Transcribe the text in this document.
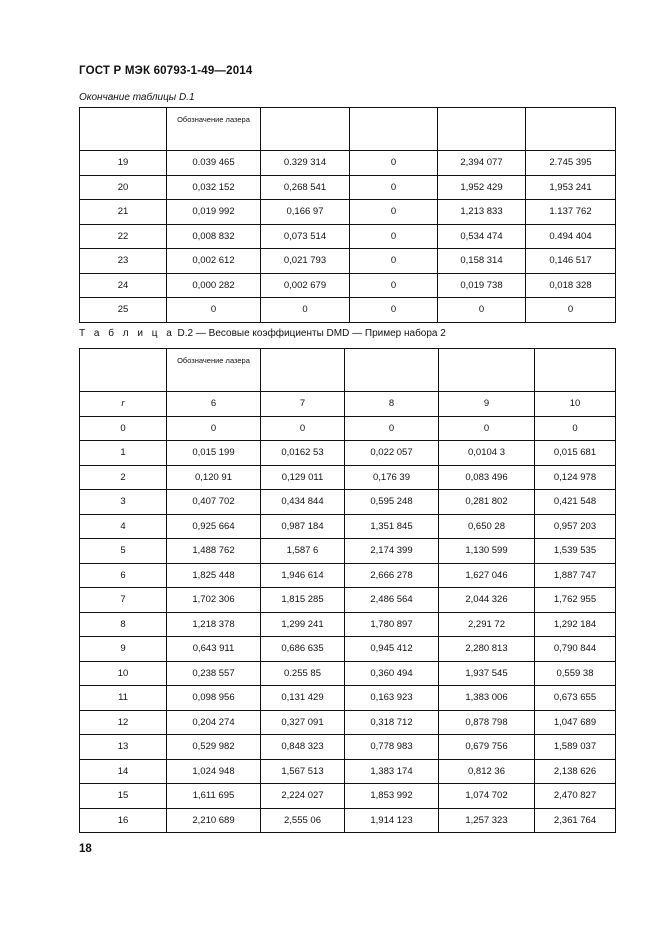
ГОСТ Р МЭК 60793-1-49—2014
Окончание таблицы D.1
	Обозначение лазера				
19	0.039 465	0.329 314	0	2,394 077	2.745 395
20	0,032 152	0,268 541	0	1,952 429	1,953 241
21	0,019 992	0,166 97	0	1,213 833	1.137 762
22	0,008 832	0,073 514	0	0,534 474	0.494 404
23	0,002 612	0,021 793	0	0,158 314	0,146 517
24	0,000 282	0,002 679	0	0,019 738	0,018 328
25	0	0	0	0	0
Т а б л и ц а D.2 — Весовые коэффициенты DMD — Пример набора 2
	Обозначение лазера				
r	6	7	8	9	10
0	0	0	0	0	0
1	0,015 199	0,0162 53	0,022 057	0,0104 3	0,015 681
2	0,120 91	0,129 011	0,176 39	0,083 496	0,124 978
3	0,407 702	0,434 844	0,595 248	0,281 802	0,421 548
4	0,925 664	0,987 184	1,351 845	0,650 28	0,957 203
5	1,488 762	1,587 6	2,174 399	1,130 599	1,539 535
6	1,825 448	1,946 614	2,666 278	1,627 046	1,887 747
7	1,702 306	1,815 285	2,486 564	2,044 326	1,762 955
8	1,218 378	1,299 241	1,780 897	2,291 72	1,292 184
9	0,643 911	0,686 635	0,945 412	2,280 813	0,790 844
10	0,238 557	0.255 85	0,360 494	1,937 545	0,559 38
11	0,098 956	0,131 429	0,163 923	1,383 006	0,673 655
12	0,204 274	0,327 091	0,318 712	0,878 798	1,047 689
13	0,529 982	0,848 323	0,778 983	0,679 756	1,589 037
14	1,024 948	1,567 513	1,383 174	0,812 36	2,138 626
15	1,611 695	2,224 027	1,853 992	1,074 702	2,470 827
16	2,210 689	2,555 06	1,914 123	1,257 323	2,361 764
18
